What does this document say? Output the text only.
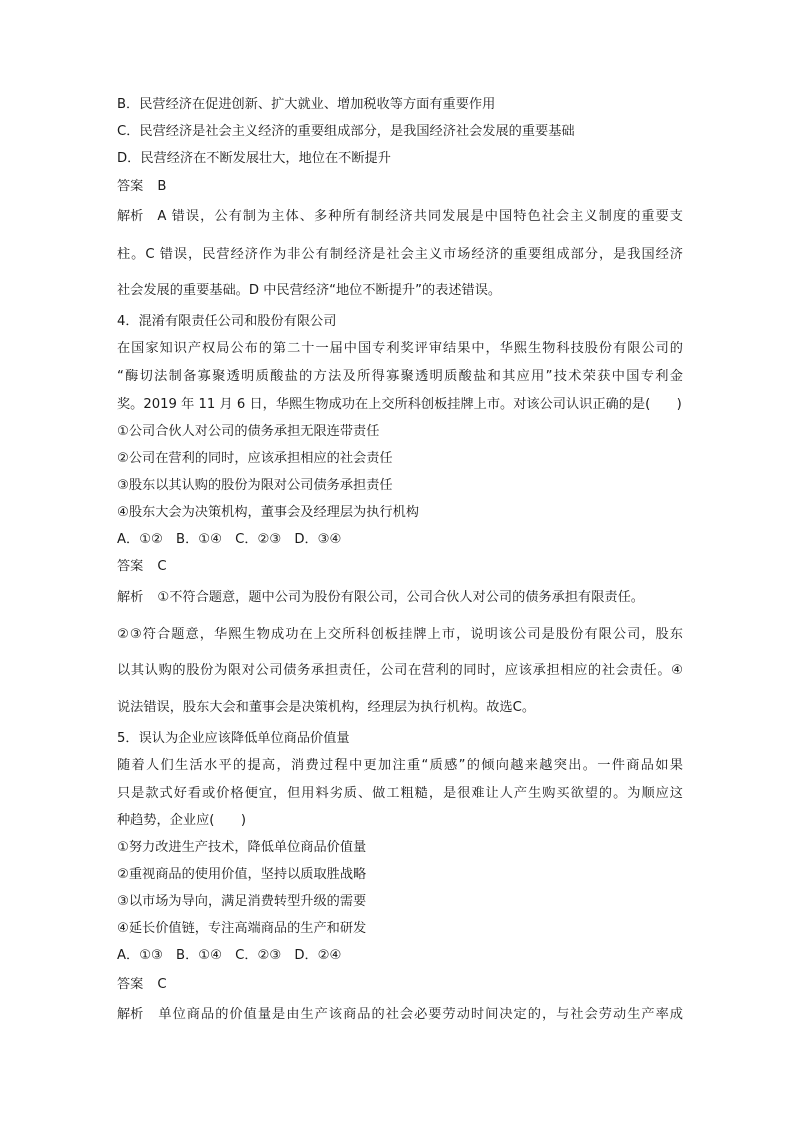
B．民营经济在促进创新、扩大就业、增加税收等方面有重要作用
C．民营经济是社会主义经济的重要组成部分，是我国经济社会发展的重要基础
D．民营经济在不断发展壮大，地位在不断提升
答案 B
解析 A 错误，公有制为主体、多种所有制经济共同发展是中国特色社会主义制度的重要支
柱。C 错误，民营经济作为非公有制经济是社会主义市场经济的重要组成部分，是我国经济
社会发展的重要基础。D 中民营经济“地位不断提升”的表述错误。
4．混淆有限责任公司和股份有限公司
在国家知识产权局公布的第二十一届中国专利奖评审结果中，华熙生物科技股份有限公司的
“酶切法制备寡聚透明质酸盐的方法及所得寡聚透明质酸盐和其应用”技术荣获中国专利金
奖。2019 年 11 月 6 日，华熙生物成功在上交所科创板挂牌上市。对该公司认识正确的是(　　)
①公司合伙人对公司的债务承担无限连带责任
②公司在营利的同时，应该承担相应的社会责任
③股东以其认购的股份为限对公司债务承担责任
④股东大会为决策机构，董事会及经理层为执行机构
A．①②　B．①④　C．②③　D．③④
答案 C
解析 ①不符合题意，题中公司为股份有限公司，公司合伙人对公司的债务承担有限责任。
②③符合题意，华熙生物成功在上交所科创板挂牌上市，说明该公司是股份有限公司，股东
以其认购的股份为限对公司债务承担责任，公司在营利的同时，应该承担相应的社会责任。④
说法错误，股东大会和董事会是决策机构，经理层为执行机构。故选C。
5．误认为企业应该降低单位商品价值量
随着人们生活水平的提高，消费过程中更加注重“质感”的倾向越来越突出。一件商品如果
只是款式好看或价格便宜，但用料劣质、做工粗糙，是很难让人产生购买欲望的。为顺应这
种趋势，企业应(　　)
①努力改进生产技术，降低单位商品价值量
②重视商品的使用价值，坚持以质取胜战略
③以市场为导向，满足消费转型升级的需要
④延长价值链，专注高端商品的生产和研发
A．①③　B．①④　C．②③　D．②④
答案 C
解析 单位商品的价值量是由生产该商品的社会必要劳动时间决定的，与社会劳动生产率成
